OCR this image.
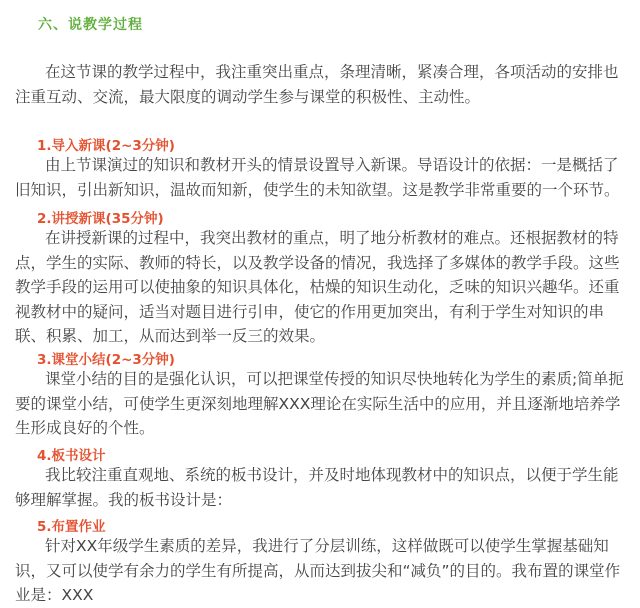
六、说教学过程

在这节课的教学过程中，我注重突出重点，条理清晰，紧凑合理，各项活动的安排也注重互动、交流，最大限度的调动学生参与课堂的积极性、主动性。

1.导入新课(2~3分钟)

由上节课演过的知识和教材开头的情景设置导入新课。导语设计的依据：一是概括了旧知识，引出新知识，温故而知新，使学生的未知欲望。这是教学非常重要的一个环节。

2.讲授新课(35分钟)

在讲授新课的过程中，我突出教材的重点，明了地分析教材的难点。还根据教材的特点，学生的实际、教师的特长，以及教学设备的情况，我选择了多媒体的教学手段。这些教学手段的运用可以使抽象的知识具体化，枯燥的知识生动化，乏味的知识兴趣华。还重视教材中的疑问，适当对题目进行引申，使它的作用更加突出，有利于学生对知识的串联、积累、加工，从而达到举一反三的效果。

3.课堂小结(2~3分钟)

课堂小结的目的是强化认识，可以把课堂传授的知识尽快地转化为学生的素质;简单扼要的课堂小结，可使学生更深刻地理解XXX理论在实际生活中的应用，并且逐渐地培养学生形成良好的个性。

4.板书设计

我比较注重直观地、系统的板书设计，并及时地体现教材中的知识点，以便于学生能够理解掌握。我的板书设计是：

5.布置作业

针对XX年级学生素质的差异，我进行了分层训练，这样做既可以使学生掌握基础知识，又可以使学有余力的学生有所提高，从而达到拔尖和“减负”的目的。我布置的课堂作业是：XXX
